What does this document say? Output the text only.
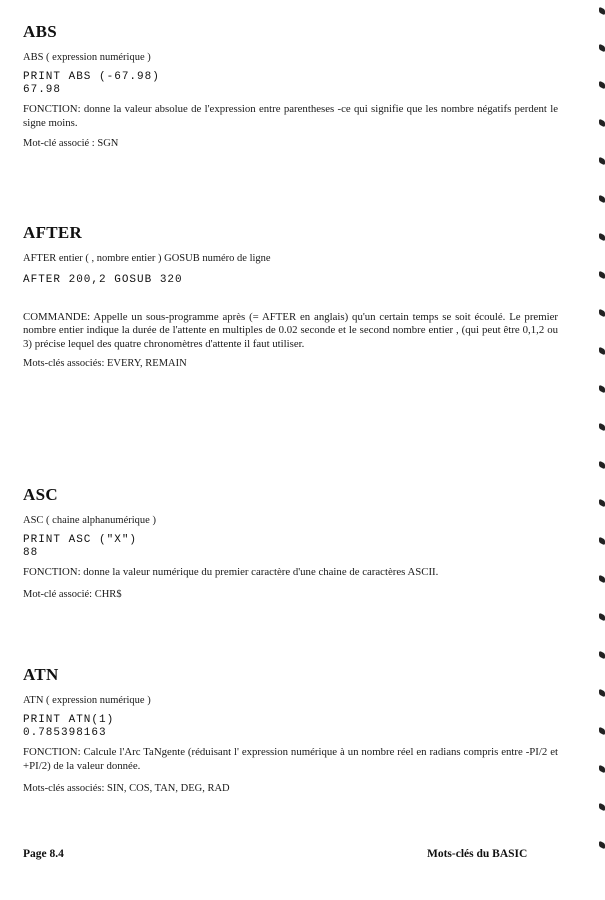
ABS

ABS ( expression numérique )

PRINT ABS (-67.98)

67.98

FONCTION: donne la valeur absolue de l'expression entre parentheses -ce qui signifie que les nombre négatifs perdent le signe moins.

Mot-clé associé : SGN

AFTER

AFTER entier ( , nombre entier ) GOSUB numéro de ligne

AFTER 200,2 GOSUB 320

COMMANDE: Appelle un sous-programme après (= AFTER en anglais) qu'un certain temps se soit écoulé. Le premier nombre entier indique la durée de l'attente en multiples de 0.02 seconde et le second nombre entier , (qui peut être 0,1,2 ou 3) précise lequel des quatre chronomètres d'attente il faut utiliser.

Mots-clés associés: EVERY, REMAIN

ASC

ASC ( chaine alphanumérique )

PRINT ASC ("X")

88

FONCTION: donne la valeur numérique du premier caractère d'une chaine de caractères ASCII.

Mot-clé associé: CHR$

ATN

ATN ( expression numérique )

PRINT ATN(1)

0.785398163

FONCTION: Calcule l'Arc TaNgente (réduisant l' expression numérique à un nombre réel en radians compris entre -PI/2 et +PI/2) de la valeur donnée.

Mots-clés associés: SIN, COS, TAN, DEG, RAD

Page 8.4	Mots-clés du BASIC
